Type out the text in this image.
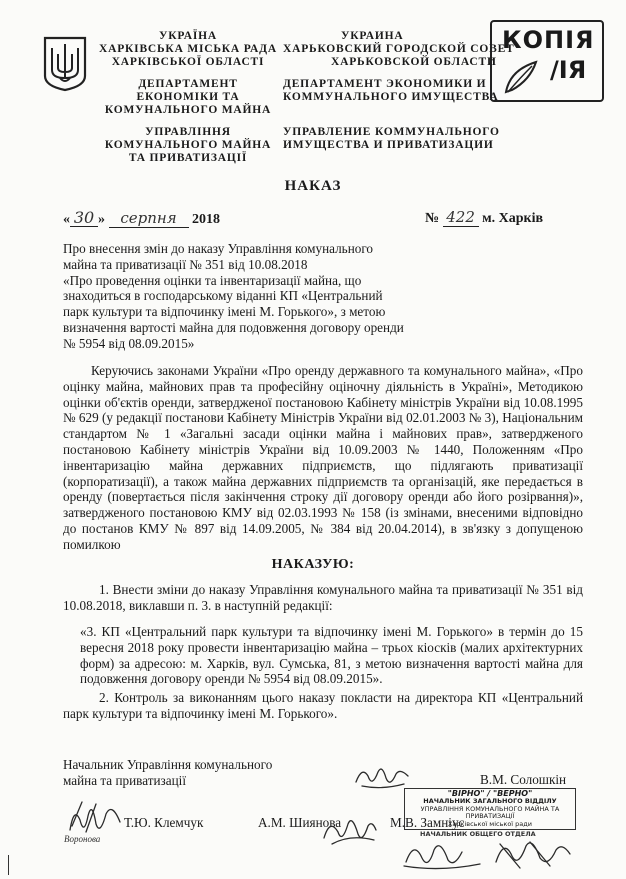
УКРАЇНА
ХАРКІВСЬКА МІСЬКА РАДА
ХАРКІВСЬКОЇ ОБЛАСТІ
ДЕПАРТАМЕНТ
ЕКОНОМІКИ ТА
КОМУНАЛЬНОГО МАЙНА
УПРАВЛІННЯ
КОМУНАЛЬНОГО МАЙНА
ТА ПРИВАТИЗАЦІЇ
УКРАИНА
ХАРЬКОВСКИЙ ГОРОДСКОЙ СОВЕТ
ХАРЬКОВСКОЙ ОБЛАСТИ
ДЕПАРТАМЕНТ ЭКОНОМИКИ И
КОММУНАЛЬНОГО ИМУЩЕСТВА
УПРАВЛЕНИЕ КОММУНАЛЬНОГО
ИМУЩЕСТВА И ПРИВАТИЗАЦИИ
КОПІЯ
/ІЯ
НАКАЗ
« 30 » серпня 2018	№ 422 м. Харків
Про внесення змін до наказу Управління комунального
майна та приватизації № 351 від 10.08.2018
«Про проведення оцінки та інвентаризації майна, що
знаходиться в господарському віданні КП «Центральний
парк культури та відпочинку імені М. Горького», з метою
визначення вартості майна для подовження договору оренди
№ 5954 від 08.09.2015»
Керуючись законами України «Про оренду державного та комунального майна», «Про оцінку майна, майнових прав та професійну оціночну діяльність в Україні», Методикою оцінки об'єктів оренди, затвердженої постановою Кабінету міністрів України від 10.08.1995 № 629 (у редакції постанови Кабінету Міністрів України від 02.01.2003 № 3), Національним стандартом № 1 «Загальні засади оцінки майна і майнових прав», затвердженого постановою Кабінету міністрів України від 10.09.2003 № 1440, Положенням «Про інвентаризацію майна державних підприємств, що підлягають приватизації (корпоратизації), а також майна державних підприємств та організацій, яке передається в оренду (повертається після закінчення строку дії договору оренди або його розірвання)», затвердженого постановою КМУ від 02.03.1993 № 158 (із змінами, внесеними відповідно до постанов КМУ № 897 від 14.09.2005, № 384 від 20.04.2014), в зв'язку з допущеною помилкою
НАКАЗУЮ:
1. Внести зміни до наказу Управління комунального майна та приватизації № 351 від 10.08.2018, виклавши п. 3. в наступній редакції:
«3. КП «Центральний парк культури та відпочинку імені М. Горького» в термін до 15 вересня 2018 року провести інвентаризацію майна – трьох кіосків (малих архітектурних форм) за адресою: м. Харків, вул. Сумська, 81, з метою визначення вартості майна для подовження договору оренди № 5954 від 08.09.2015».
2. Контроль за виконанням цього наказу покласти на директора КП «Центральний парк культури та відпочинку імені М. Горького».
Начальник Управління комунального
майна та приватизації	В.М. Солошкін
"ВІРНО" / "ВЕРНО"
НАЧАЛЬНИК ЗАГАЛЬНОГО ВІДДІЛУ
УПРАВЛІННЯ КОМУНАЛЬНОГО МАЙНА ТА ПРИВАТИЗАЦІЇ
Харківської міської ради
Воронова
Т.Ю. Клемчук	А.М. Шиянова	М.В. Замніус
НАЧАЛЬНИК ОБЩЕГО ОТДЕЛА
